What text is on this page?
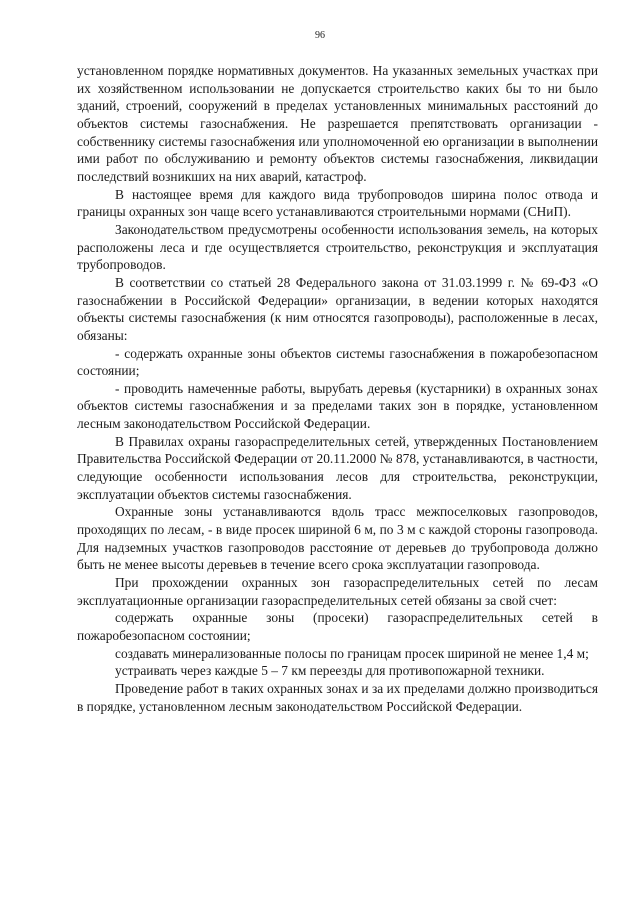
96

установленном порядке нормативных документов. На указанных земельных участках при их хозяйственном использовании не допускается строительство каких бы то ни было зданий, строений, сооружений в пределах установленных минимальных расстояний до объектов системы газоснабжения. Не разрешается препятствовать организации - собственнику системы газоснабжения или уполномоченной ею организации в выполнении ими работ по обслуживанию и ремонту объектов системы газоснабжения, ликвидации последствий возникших на них аварий, катастроф.

В настоящее время для каждого вида трубопроводов ширина полос отвода и границы охранных зон чаще всего устанавливаются строительными нормами (СНиП).

Законодательством предусмотрены особенности использования земель, на которых расположены леса и где осуществляется строительство, реконструкция и эксплуатация трубопроводов.

В соответствии со статьей 28 Федерального закона от 31.03.1999 г. № 69-ФЗ «О газоснабжении в Российской Федерации» организации, в ведении которых находятся объекты системы газоснабжения (к ним относятся газопроводы), расположенные в лесах, обязаны:

- содержать охранные зоны объектов системы газоснабжения в пожаробезопасном состоянии;

- проводить намеченные работы, вырубать деревья (кустарники) в охранных зонах объектов системы газоснабжения и за пределами таких зон в порядке, установленном лесным законодательством Российской Федерации.

В Правилах охраны газораспределительных сетей, утвержденных Постановлением Правительства Российской Федерации от 20.11.2000 № 878, устанавливаются, в частности, следующие особенности использования лесов для строительства, реконструкции, эксплуатации объектов системы газоснабжения.

Охранные зоны устанавливаются вдоль трасс межпоселковых газопроводов, проходящих по лесам, - в виде просек шириной 6 м, по 3 м с каждой стороны газопровода. Для надземных участков газопроводов расстояние от деревьев до трубопровода должно быть не менее высоты деревьев в течение всего срока эксплуатации газопровода.

При прохождении охранных зон газораспределительных сетей по лесам эксплуатационные организации газораспределительных сетей обязаны за свой счет:

содержать охранные зоны (просеки) газораспределительных сетей в пожаробезопасном состоянии;

создавать минерализованные полосы по границам просек шириной не менее 1,4 м;

устраивать через каждые 5 – 7 км переезды для противопожарной техники.

Проведение работ в таких охранных зонах и за их пределами должно производиться в порядке, установленном лесным законодательством Российской Федерации.
